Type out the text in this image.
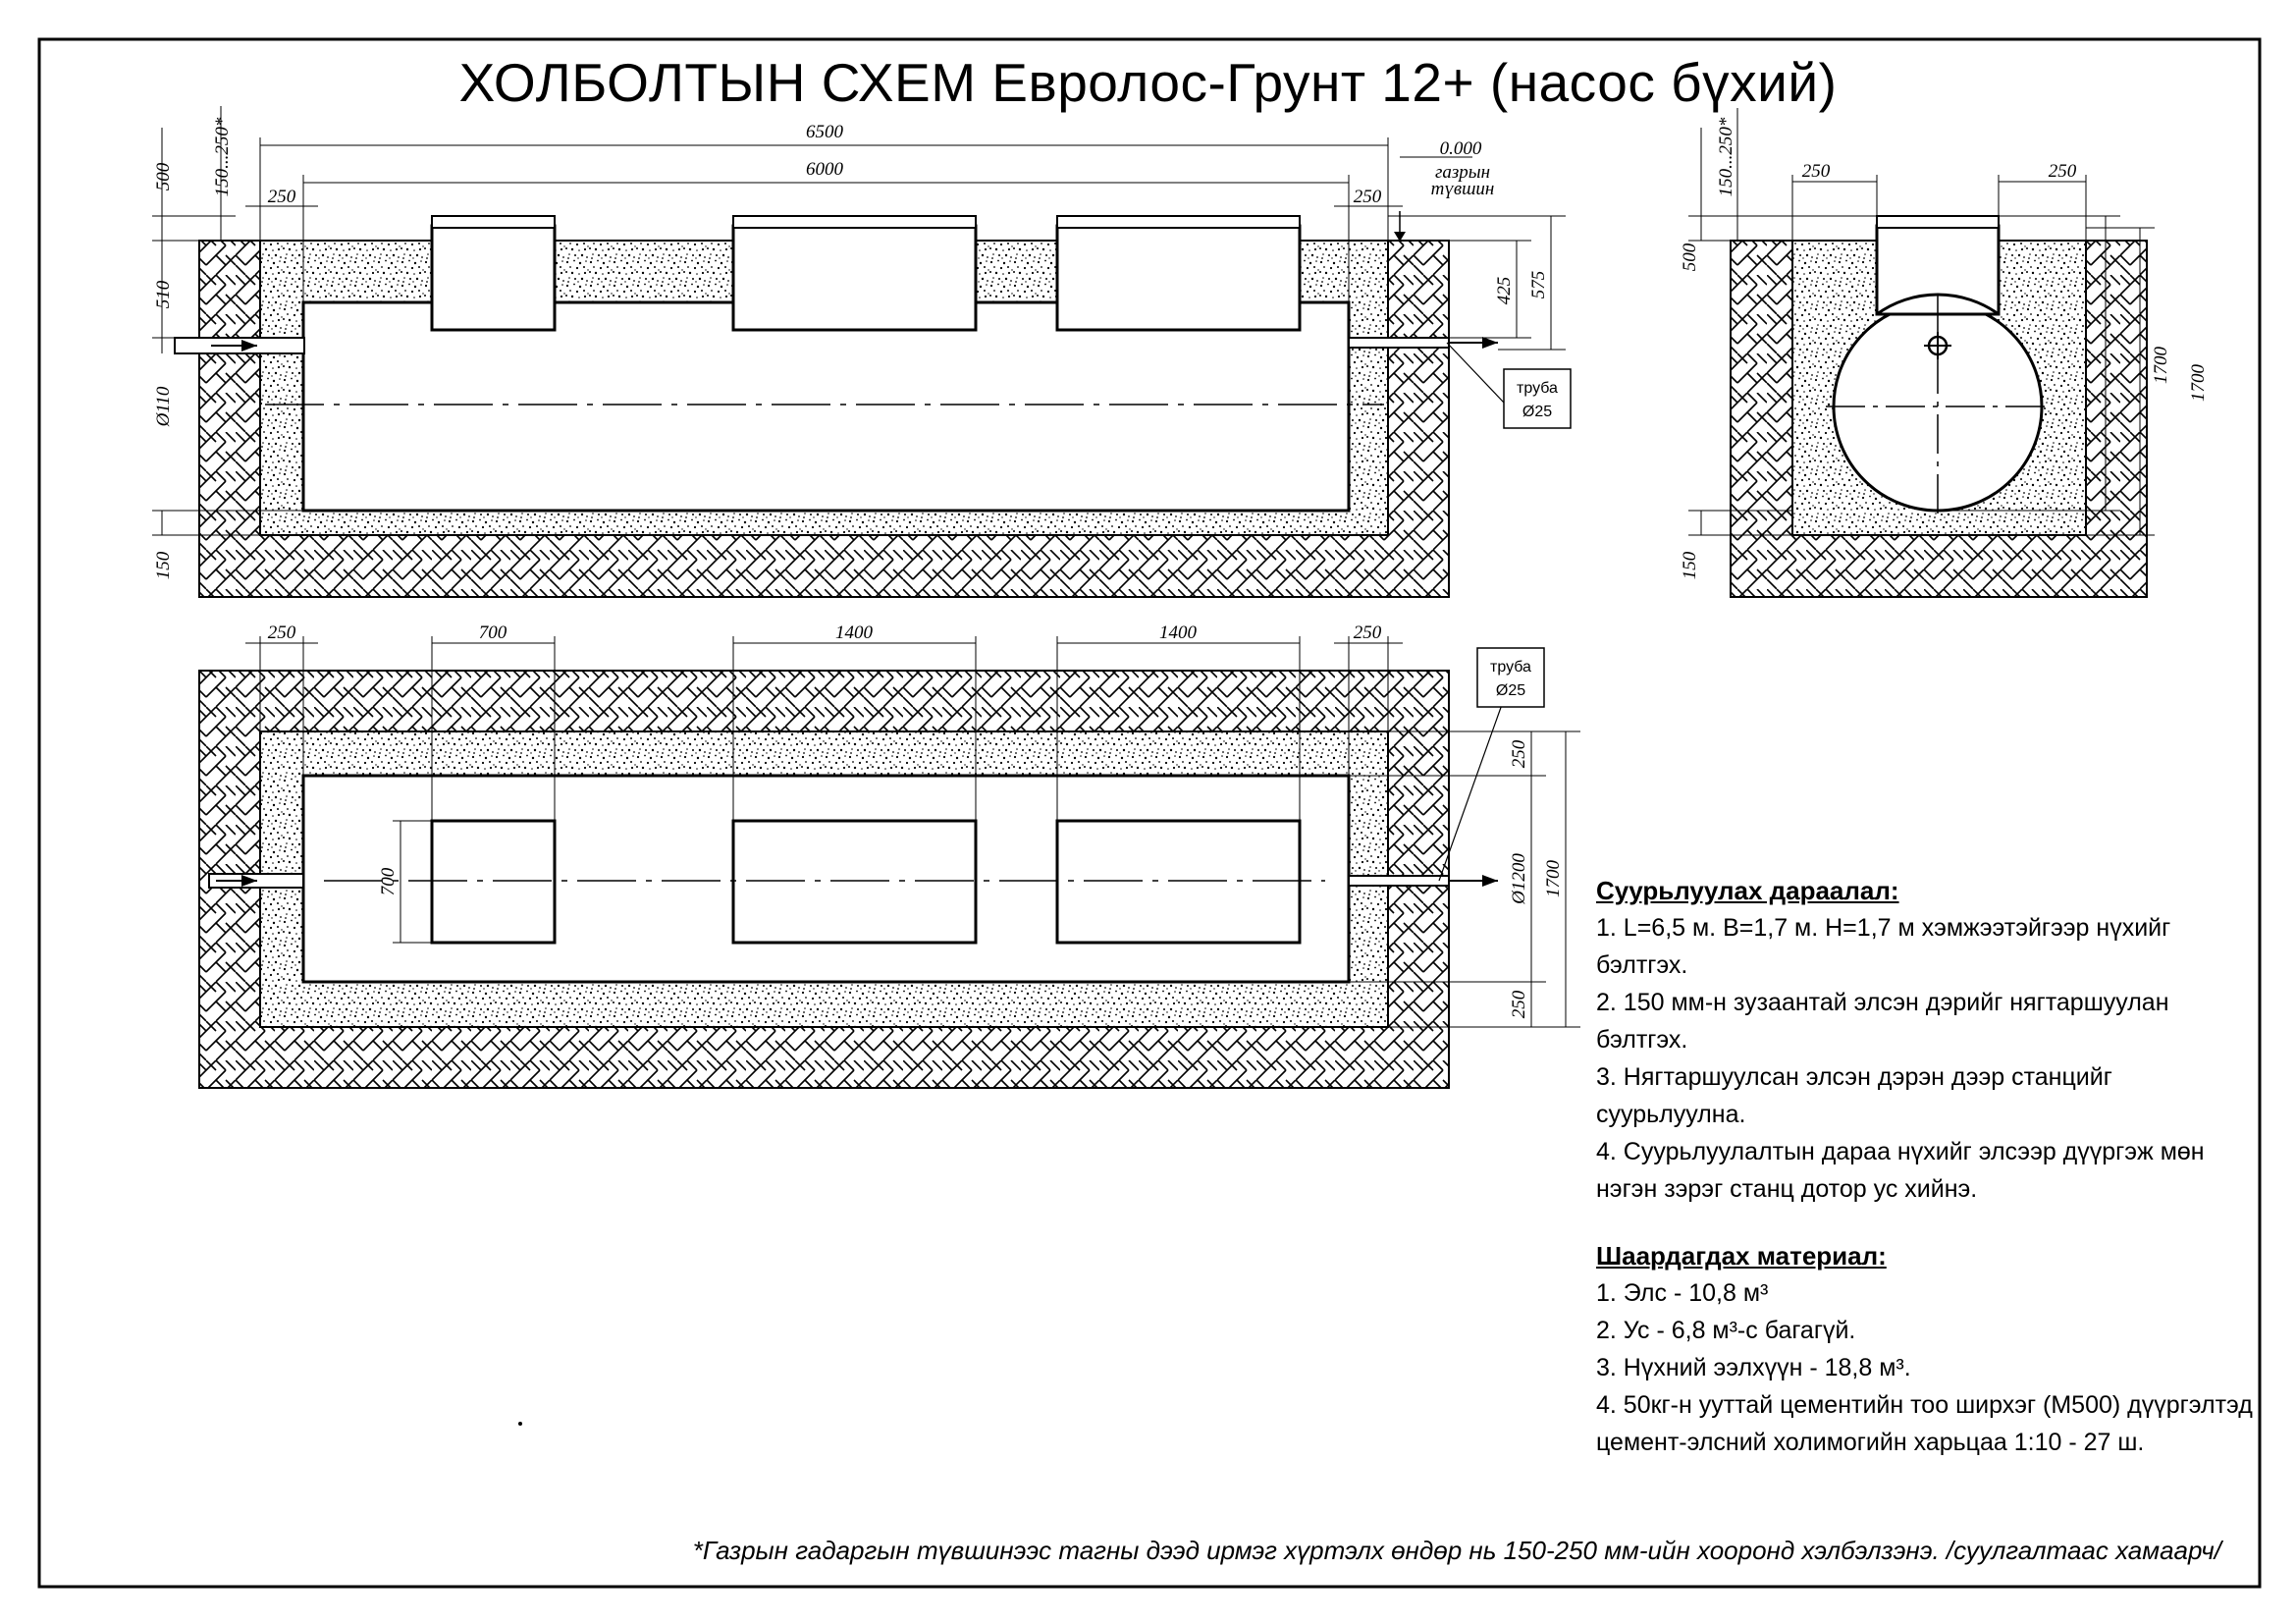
0.000
газрын
түвшин
труба
Ø25
6500
6000
250	250
500 150...250*
510
Ø110
150
425 575
250	250
500
150...250*
1700 1700
150
труба
Ø25
250	700	1400	1400	250
700
250
Ø1200
250
1700
ХОЛБОЛТЫН СХЕМ Евролос-Грунт 12+ (насос бүхий)
Суурьлуулах дараалал:
1. L=6,5 м. В=1,7 м. Н=1,7 м хэмжээтэйгээр нүхийг бэлтгэх.
2. 150 мм-н зузаантай элсэн дэрийг нягтаршуулан бэлтгэх.
3. Нягтаршуулсан элсэн дэрэн дээр станцийг суурьлуулна.
4. Суурьлуулалтын дараа нүхийг элсээр дүүргэж мөн нэгэн зэрэг станц дотор ус хийнэ.
Шаардагдах материал:
1. Элс - 10,8 м³
2. Ус - 6,8 м³-с багагүй.
3. Нүхний ээлхүүн - 18,8 м³.
4. 50кг-н ууттай цементийн тоо ширхэг (М500) дүүргэлтэд цемент-элсний холимогийн харьцаа 1:10 - 27 ш.
*Газрын гадаргын түвшинээс тагны дээд ирмэг хүртэлх өндөр нь 150-250 мм-ийн хооронд хэлбэлзэнэ. /суулгалтаас хамаарч/
